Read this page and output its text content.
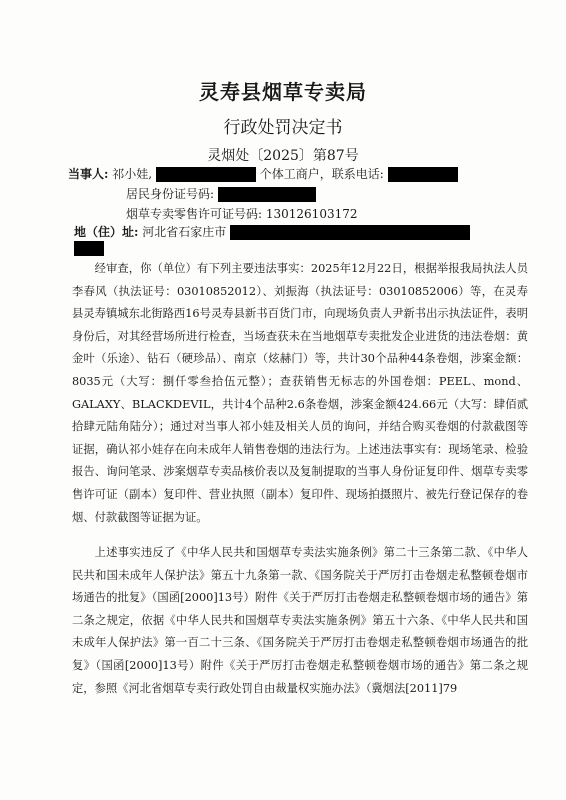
灵寿县烟草专卖局
行政处罚决定书
灵烟处〔2025〕第87号
当事人: 祁小娃,	个体工商户，联系电话:
居民身份证号码:
烟草专卖零售许可证号码: 130126103172
地（住）址: 河北省石家庄市
经审查，你（单位）有下列主要违法事实：2025年12月22日，根据举报我局执法人员李春风（执法证号：03010852012）、刘振海（执法证号：03010852006）等，在灵寿县灵寿镇城东北街路西16号灵寿县新书百货门市，向现场负责人尹新书出示执法证件，表明身份后，对其经营场所进行检查，当场查获未在当地烟草专卖批发企业进货的违法卷烟：黄金叶（乐途）、钻石（硬珍品）、南京（炫赫门）等，共计30个品种44条卷烟，涉案金额：8035元（大写：捌仟零叁拾伍元整）；查获销售无标志的外国卷烟：PEEL、mond、GALAXY、BLACKDEVIL，共计4个品种2.6条卷烟，涉案金额424.66元（大写：肆佰贰拾肆元陆角陆分）；通过对当事人祁小娃及相关人员的询问，并结合购买卷烟的付款截图等证据，确认祁小娃存在向未成年人销售卷烟的违法行为。上述违法事实有：现场笔录、检验报告、询问笔录、涉案烟草专卖品核价表以及复制提取的当事人身份证复印件、烟草专卖零售许可证（副本）复印件、营业执照（副本）复印件、现场拍摄照片、被先行登记保存的卷烟、付款截图等证据为证。
上述事实违反了《中华人民共和国烟草专卖法实施条例》第二十三条第二款、《中华人民共和国未成年人保护法》第五十九条第一款、《国务院关于严厉打击卷烟走私整顿卷烟市场通告的批复》（国函[2000]13号）附件《关于严厉打击卷烟走私整顿卷烟市场的通告》第二条之规定，依据《中华人民共和国烟草专卖法实施条例》第五十六条、《中华人民共和国未成年人保护法》第一百二十三条、《国务院关于严厉打击卷烟走私整顿卷烟市场通告的批复》（国函[2000]13号）附件《关于严厉打击卷烟走私整顿卷烟市场的通告》第二条之规定，参照《河北省烟草专卖行政处罚自由裁量权实施办法》（冀烟法[2011]79
